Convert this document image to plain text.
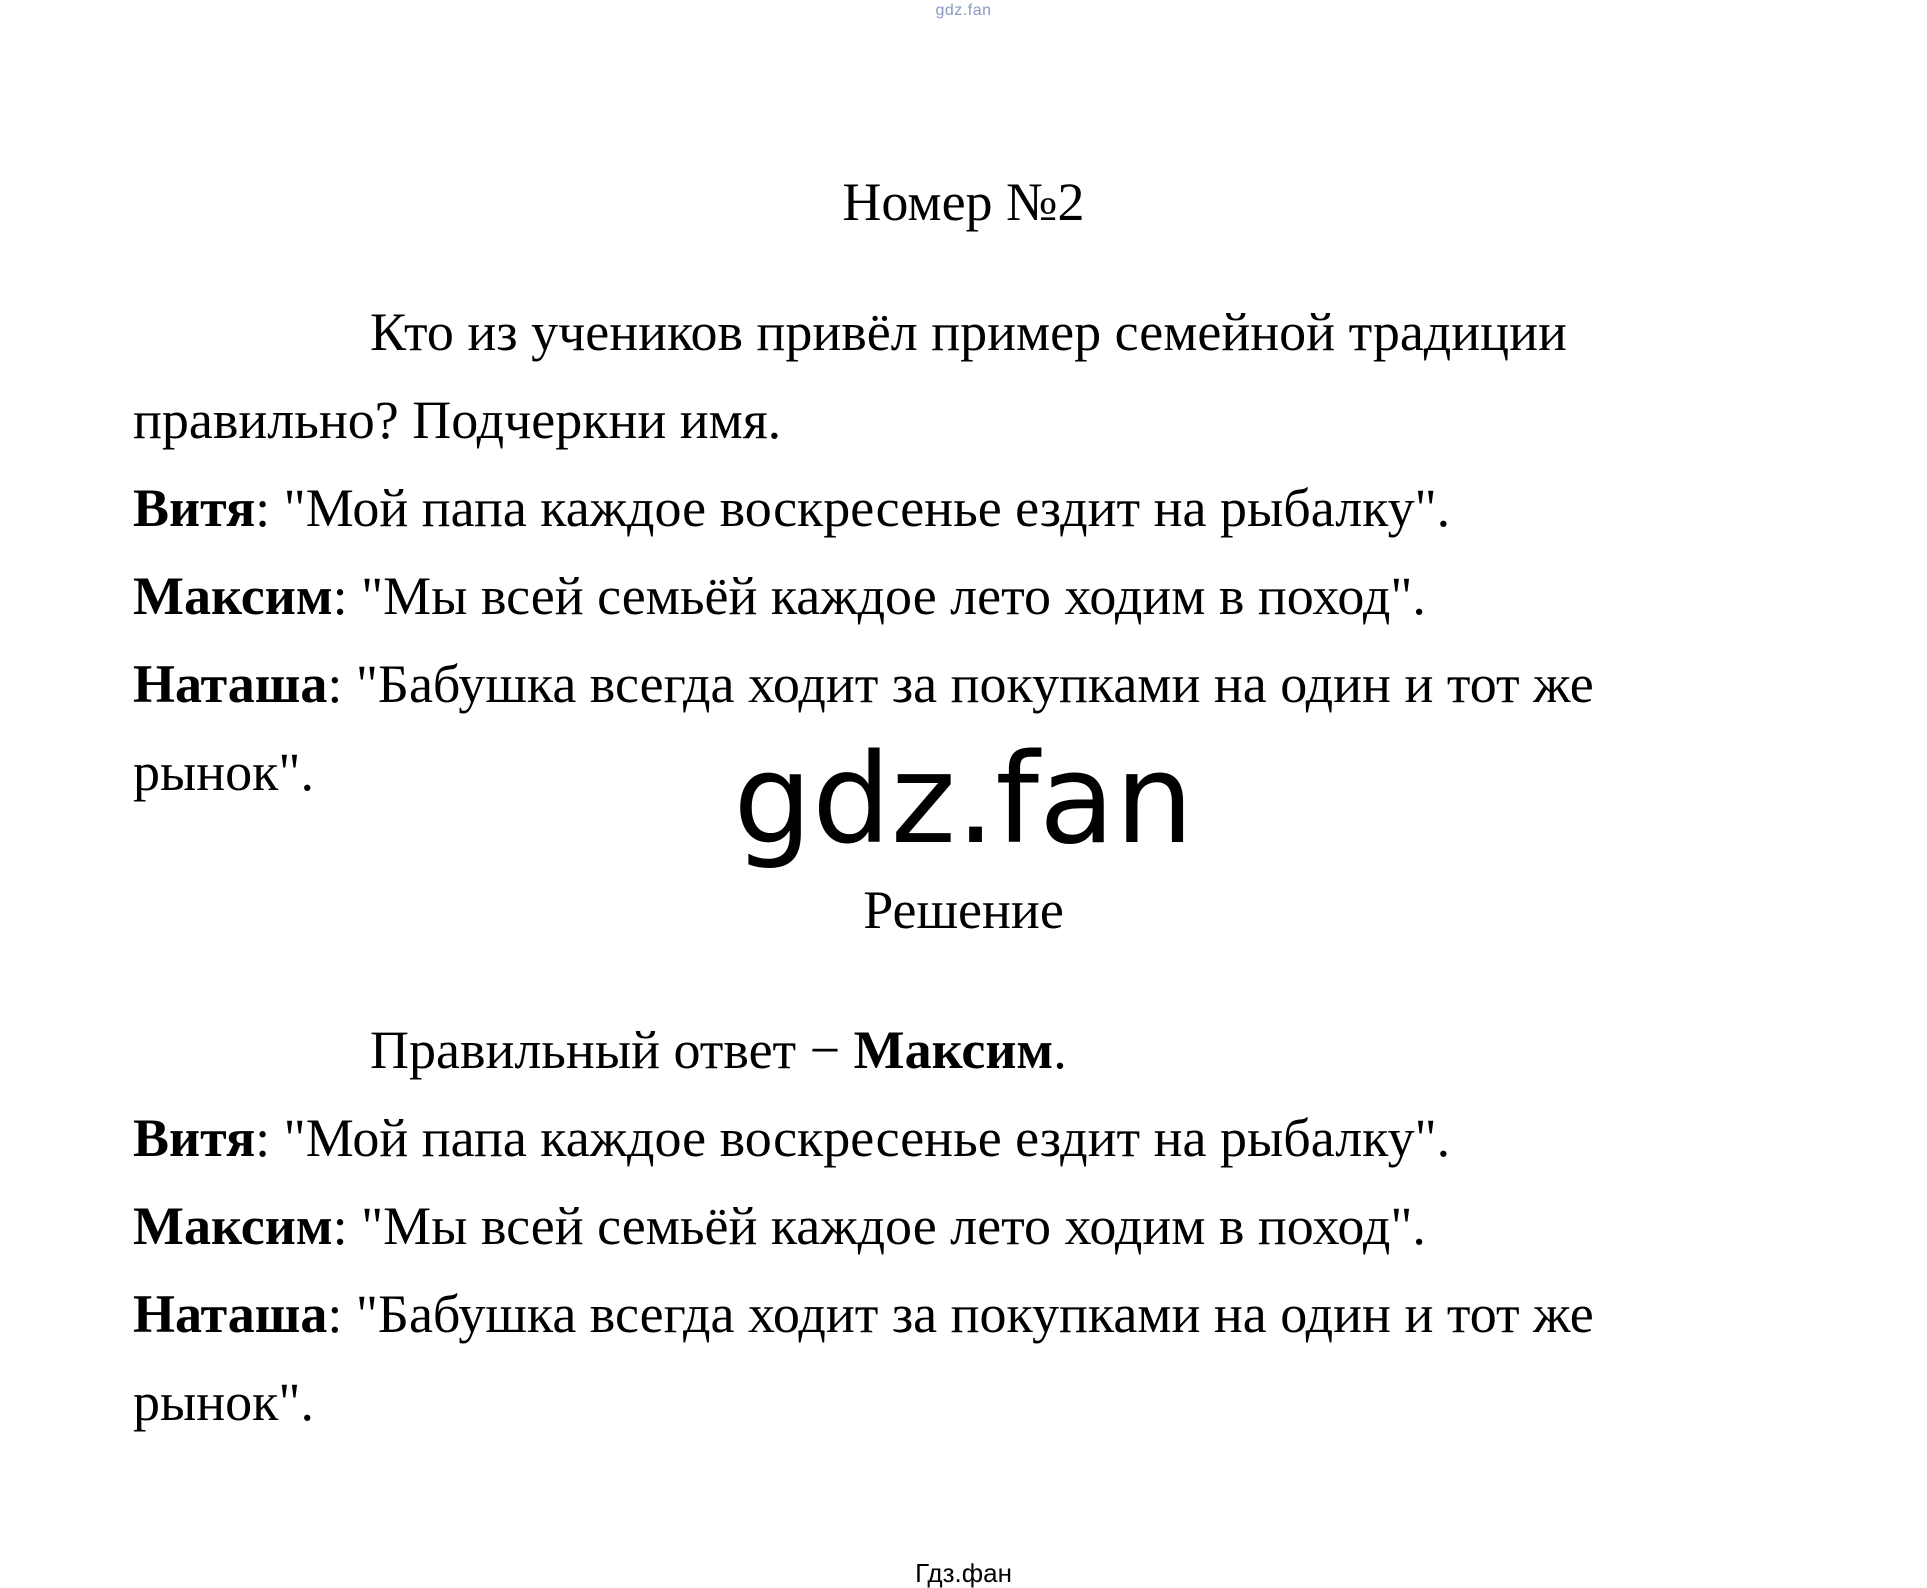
gdz.fan
Номер №2
Кто из учеников привёл пример семейной традиции
правильно? Подчеркни имя.
Витя: "Мой папа каждое воскресенье ездит на рыбалку".
Максим: "Мы всей семьёй каждое лето ходим в поход".
Наташа: "Бабушка всегда ходит за покупками на один и тот же
рынок".	gdz.fan
Решение
Правильный ответ − Максим.
Витя: "Мой папа каждое воскресенье ездит на рыбалку".
Максим: "Мы всей семьёй каждое лето ходим в поход".
Наташа: "Бабушка всегда ходит за покупками на один и тот же
рынок".
Гдз.фан
